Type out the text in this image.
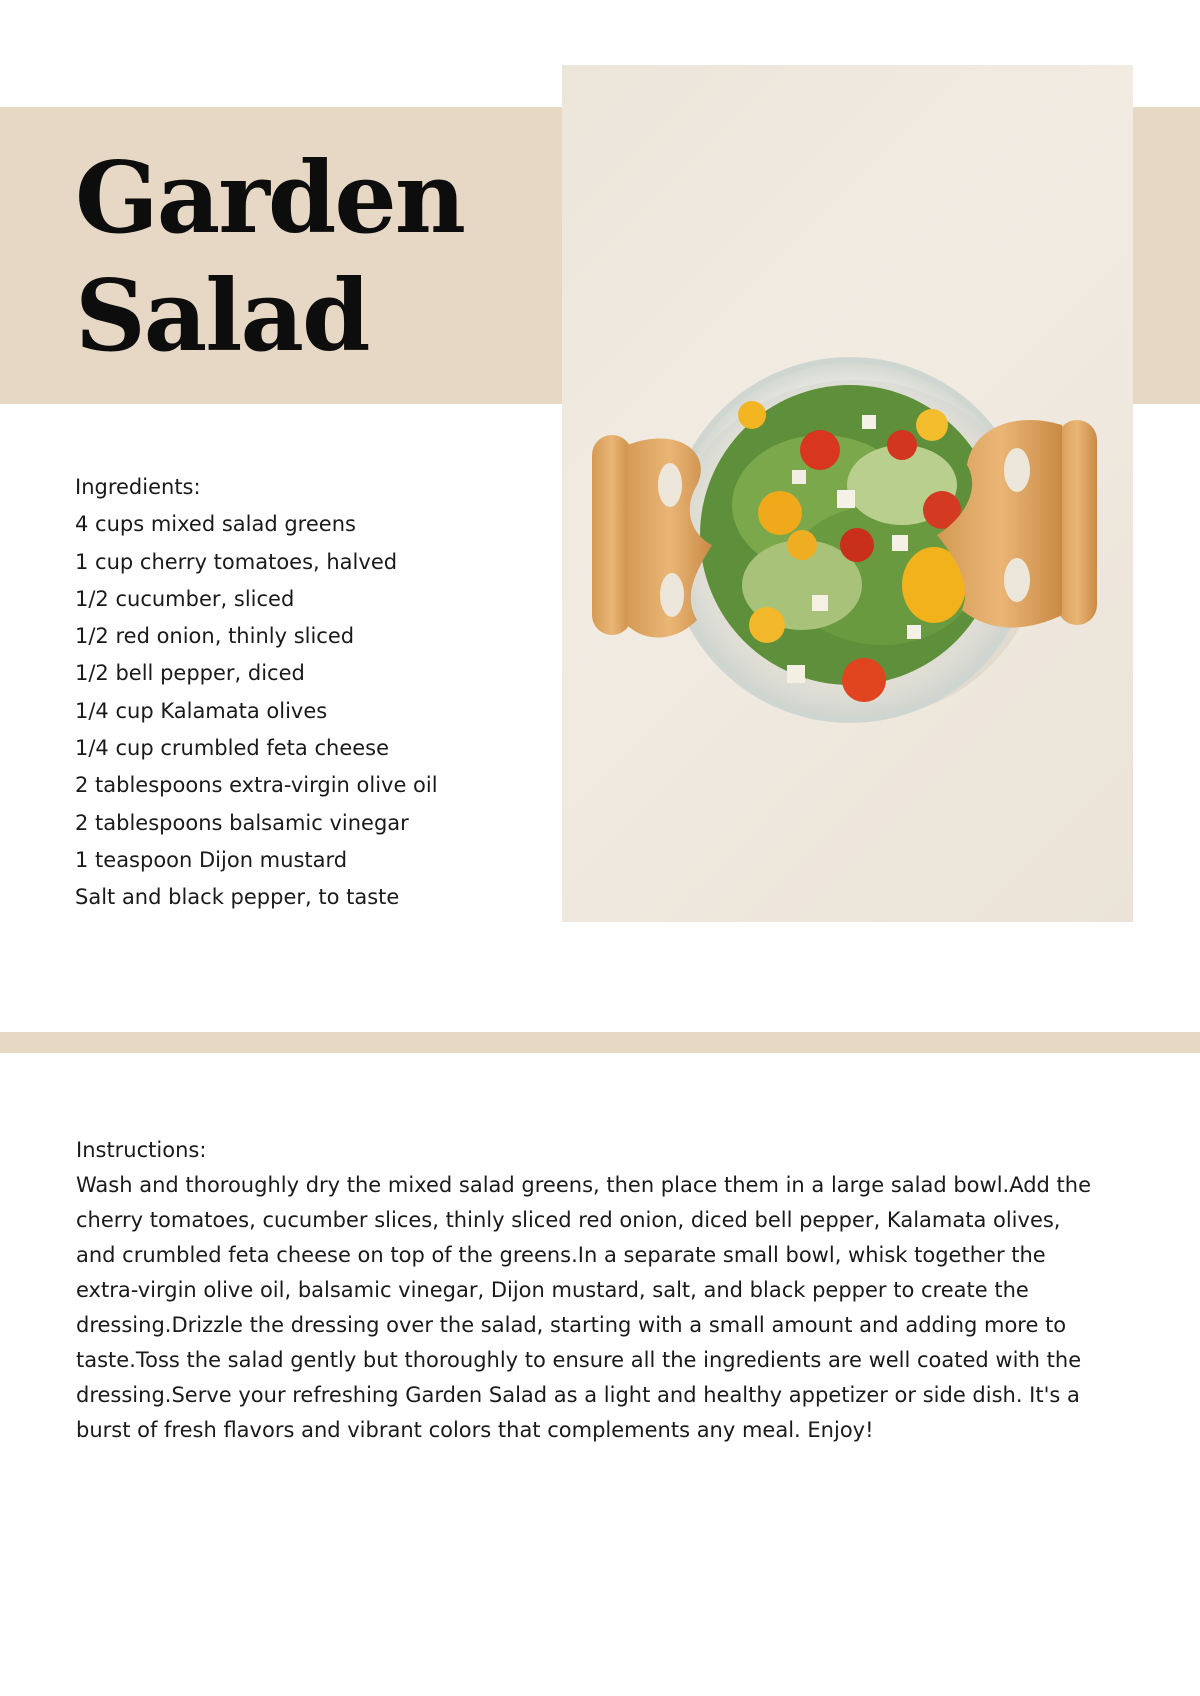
Garden
Salad
Ingredients:
4 cups mixed salad greens
1 cup cherry tomatoes, halved
1/2 cucumber, sliced
1/2 red onion, thinly sliced
1/2 bell pepper, diced
1/4 cup Kalamata olives
1/4 cup crumbled feta cheese
2 tablespoons extra-virgin olive oil
2 tablespoons balsamic vinegar
1 teaspoon Dijon mustard
Salt and black pepper, to taste

Instructions:

Wash and thoroughly dry the mixed salad greens, then place them in a large salad bowl.Add the cherry tomatoes, cucumber slices, thinly sliced red onion, diced bell pepper, Kalamata olives, and crumbled feta cheese on top of the greens.In a separate small bowl, whisk together the extra-virgin olive oil, balsamic vinegar, Dijon mustard, salt, and black pepper to create the dressing.Drizzle the dressing over the salad, starting with a small amount and adding more to taste.Toss the salad gently but thoroughly to ensure all the ingredients are well coated with the dressing.Serve your refreshing Garden Salad as a light and healthy appetizer or side dish. It's a

burst of fresh flavors and vibrant colors that complements any meal. Enjoy!
